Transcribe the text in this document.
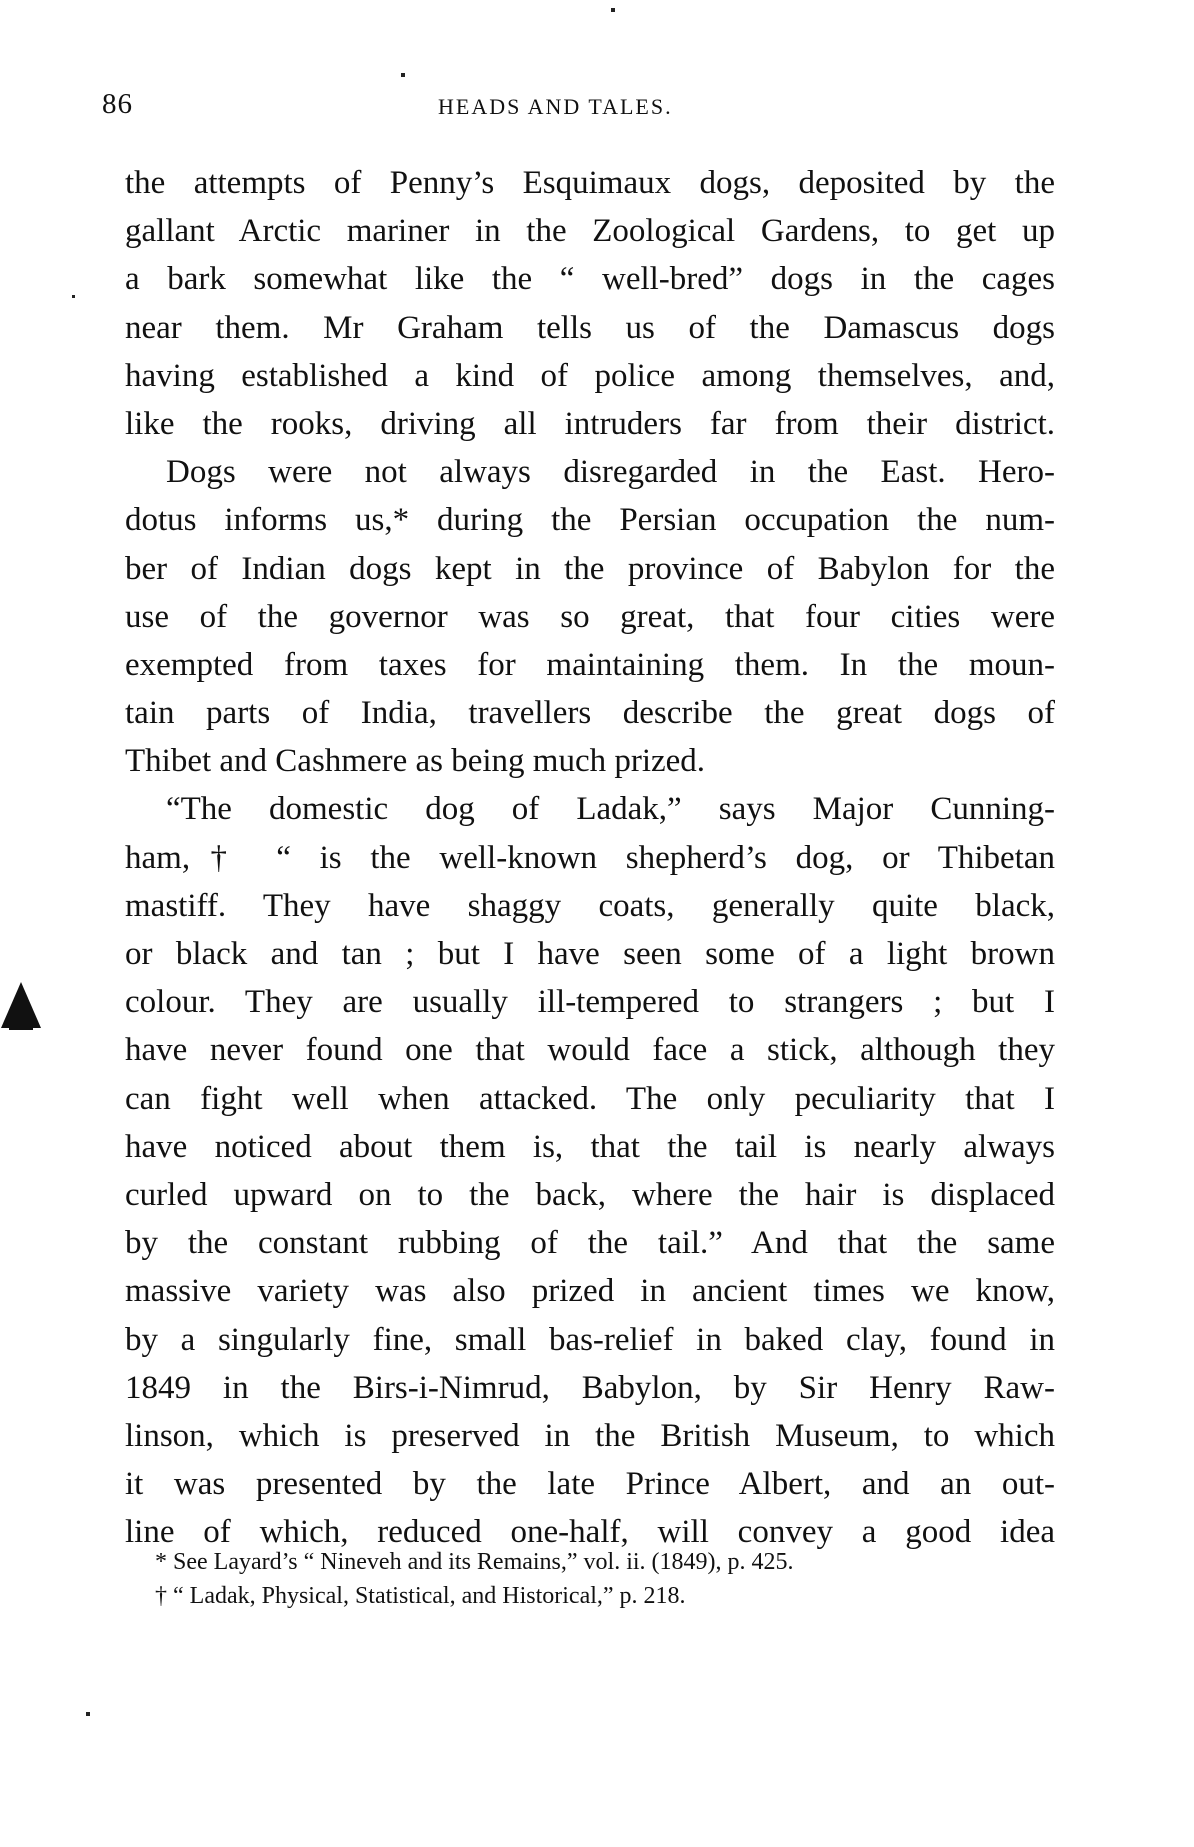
86	HEADS AND TALES.
the attempts of Penny’s Esquimaux dogs, deposited by the
gallant Arctic mariner in the Zoological Gardens, to get up
a bark somewhat like the “ well-bred” dogs in the cages
near them. Mr Graham tells us of the Damascus dogs
having established a kind of police among themselves, and,
like the rooks, driving all intruders far from their district.
Dogs were not always disregarded in the East. Hero-
dotus informs us,* during the Persian occupation the num-
ber of Indian dogs kept in the province of Babylon for the
use of the governor was so great, that four cities were
exempted from taxes for maintaining them. In the moun-
tain parts of India, travellers describe the great dogs of
Thibet and Cashmere as being much prized.
“The domestic dog of Ladak,” says Major Cunning-
ham,† “ is the well-known shepherd’s dog, or Thibetan
mastiff. They have shaggy coats, generally quite black,
or black and tan ; but I have seen some of a light brown
colour. They are usually ill-tempered to strangers ; but I
have never found one that would face a stick, although they
can fight well when attacked. The only peculiarity that I
have noticed about them is, that the tail is nearly always
curled upward on to the back, where the hair is displaced
by the constant rubbing of the tail.” And that the same
massive variety was also prized in ancient times we know,
by a singularly fine, small bas-relief in baked clay, found in
1849 in the Birs-i-Nimrud, Babylon, by Sir Henry Raw-
linson, which is preserved in the British Museum, to which
it was presented by the late Prince Albert, and an out-
line of which, reduced one-half, will convey a good idea
* See Layard’s “ Nineveh and its Remains,” vol. ii. (1849), p. 425.
† “ Ladak, Physical, Statistical, and Historical,” p. 218.
